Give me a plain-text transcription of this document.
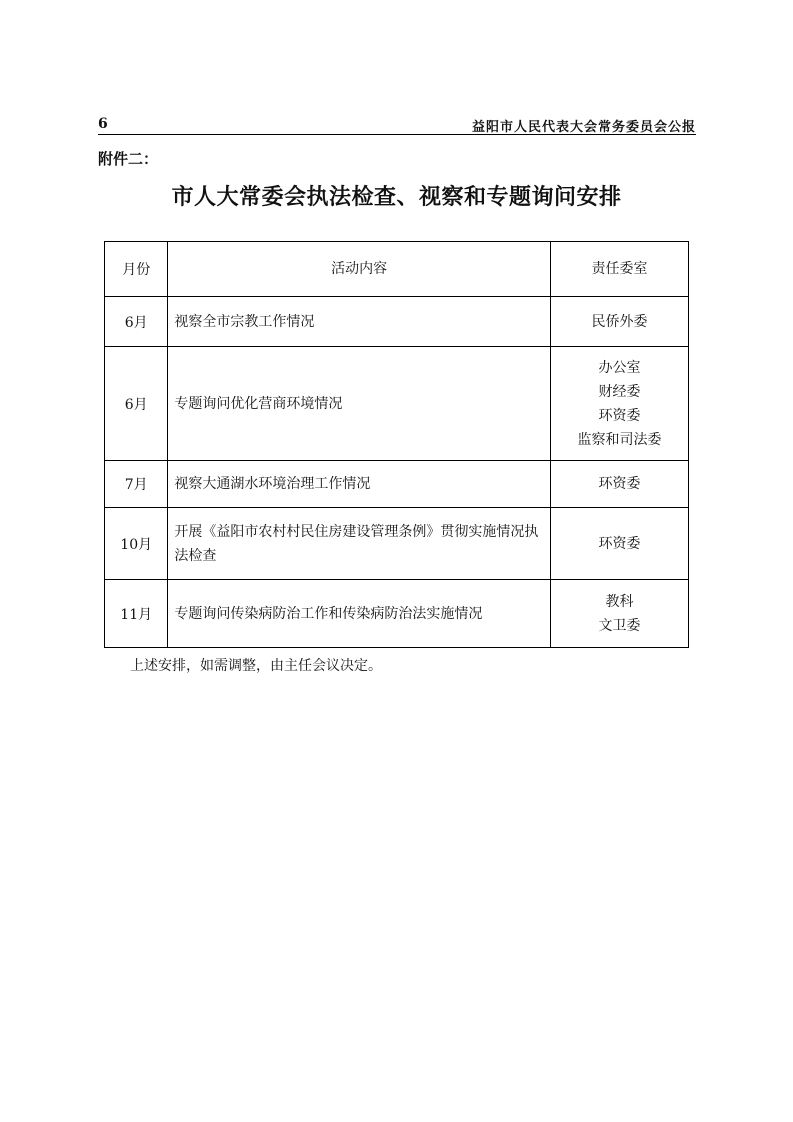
6	益阳市人民代表大会常务委员会公报
附件二：
市人大常委会执法检查、视察和专题询问安排
月份	活动内容	责任委室
6月	视察全市宗教工作情况	民侨外委

6月	专题询问优化营商环境情况	办公室
财经委
环资委
监察和司法委

7月	视察大通湖水环境治理工作情况	环资委

10月	开展《益阳市农村村民住房建设管理条例》贯彻实施情况执法检查	环资委

11月	专题询问传染病防治工作和传染病防治法实施情况	教科
文卫委
上述安排，如需调整，由主任会议决定。
